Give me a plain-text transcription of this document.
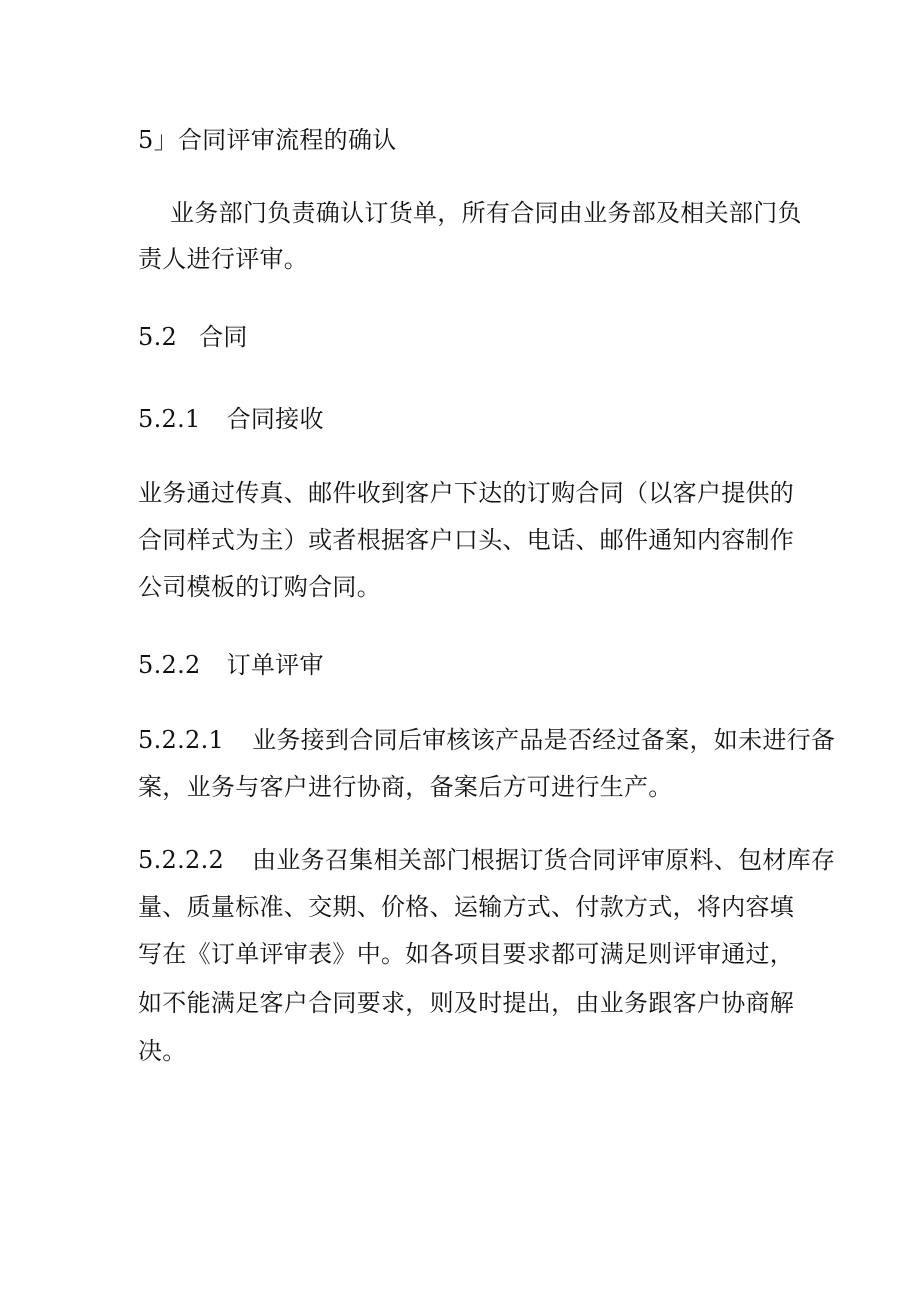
5」合同评审流程的确认
业务部门负责确认订货单，所有合同由业务部及相关部门负
责人进行评审。
5.2 合同
5.2.1 合同接收
业务通过传真、邮件收到客户下达的订购合同（以客户提供的
合同样式为主）或者根据客户口头、电话、邮件通知内容制作
公司模板的订购合同。
5.2.2 订单评审
5.2.2.1 业务接到合同后审核该产品是否经过备案，如未进行备
案，业务与客户进行协商，备案后方可进行生产。
5.2.2.2 由业务召集相关部门根据订货合同评审原料、包材库存
量、质量标准、交期、价格、运输方式、付款方式，将内容填
写在《订单评审表》中。如各项目要求都可满足则评审通过，
如不能满足客户合同要求，则及时提出，由业务跟客户协商解
决。
